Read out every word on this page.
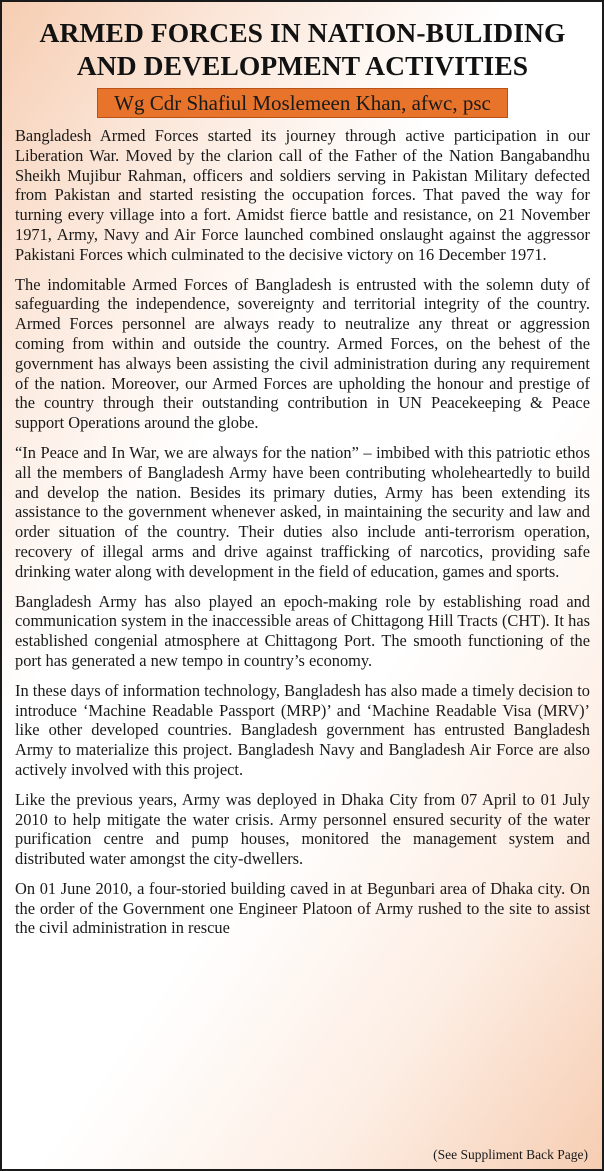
ARMED FORCES IN NATION-BULIDING AND DEVELOPMENT ACTIVITIES
Wg Cdr Shafiul Moslemeen Khan, afwc, psc

Bangladesh Armed Forces started its journey through active participation in our Liberation War. Moved by the clarion call of the Father of the Nation Bangabandhu Sheikh Mujibur Rahman, officers and soldiers serving in Pakistan Military defected from Pakistan and started resisting the occupation forces. That paved the way for turning every village into a fort. Amidst fierce battle and resistance, on 21 November 1971, Army, Navy and Air Force launched combined onslaught against the aggressor Pakistani Forces which culminated to the decisive victory on 16 December 1971.

The indomitable Armed Forces of Bangladesh is entrusted with the solemn duty of safeguarding the independence, sovereignty and territorial integrity of the country. Armed Forces personnel are always ready to neutralize any threat or aggression coming from within and outside the country. Armed Forces, on the behest of the government has always been assisting the civil administration during any requirement of the nation. Moreover, our Armed Forces are upholding the honour and prestige of the country through their outstanding contribution in UN Peacekeeping & Peace support Operations around the globe.

“In Peace and In War, we are always for the nation” – imbibed with this patriotic ethos all the members of Bangladesh Army have been contributing wholeheartedly to build and develop the nation. Besides its primary duties, Army has been extending its assistance to the government whenever asked, in maintaining the security and law and order situation of the country. Their duties also include anti-terrorism operation, recovery of illegal arms and drive against trafficking of narcotics, providing safe drinking water along with development in the field of education, games and sports.

Bangladesh Army has also played an epoch-making role by establishing road and communication system in the inaccessible areas of Chittagong Hill Tracts (CHT). It has established congenial atmosphere at Chittagong Port. The smooth functioning of the port has generated a new tempo in country’s economy.

In these days of information technology, Bangladesh has also made a timely decision to introduce ‘Machine Readable Passport (MRP)’ and ‘Machine Readable Visa (MRV)’ like other developed countries. Bangladesh government has entrusted Bangladesh Army to materialize this project. Bangladesh Navy and Bangladesh Air Force are also actively involved with this project.

Like the previous years, Army was deployed in Dhaka City from 07 April to 01 July 2010 to help mitigate the water crisis. Army personnel ensured security of the water purification centre and pump houses, monitored the management system and distributed water amongst the city-dwellers.

On 01 June 2010, a four-storied building caved in at Begunbari area of Dhaka city. On the order of the Government one Engineer Platoon of Army rushed to the site to assist the civil administration in rescue

(See Suppliment Back Page)
